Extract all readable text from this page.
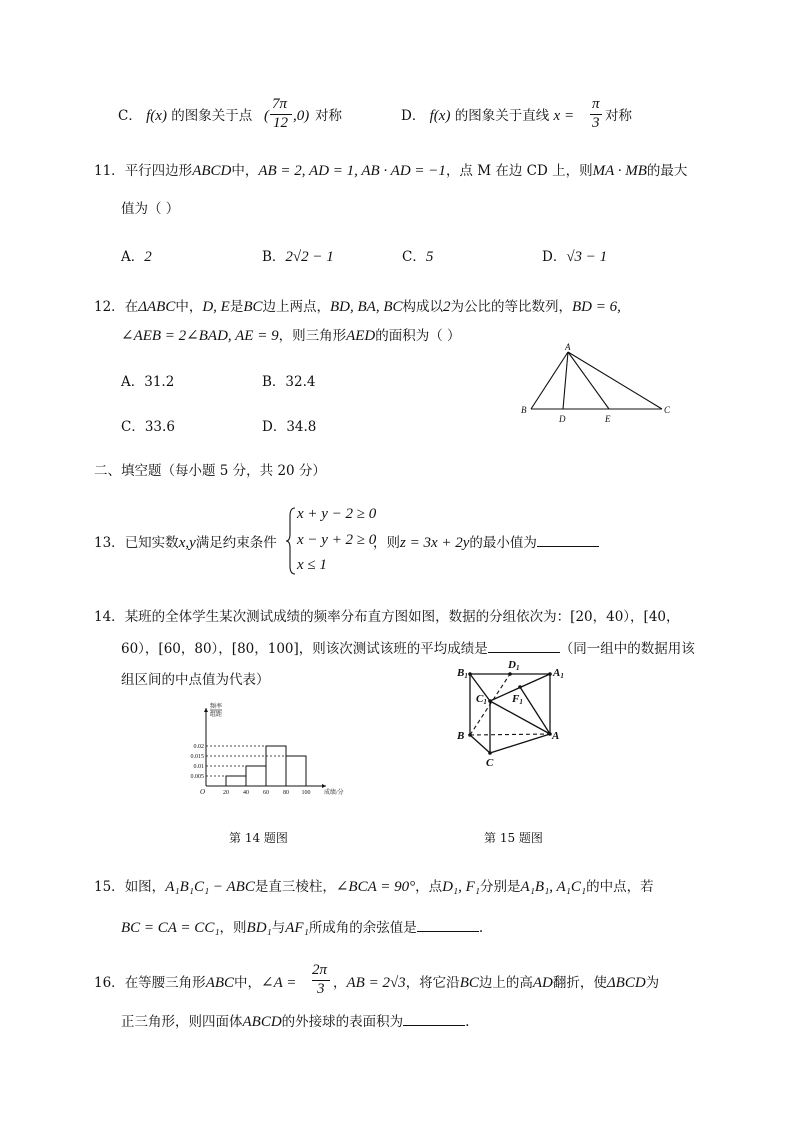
C． f(x) 的图象关于点 (
7π
12 ,0) 对称	D． f(x) 的图象关于直线 x =
π
3 对称
11．平行四边形ABCD中，AB = 2, AD = 1, AB · AD = −1，点 M 在边 CD 上，则MA · MB的最大
值为（ ）
A．2	B．2√2 − 1	C．5	D．√3 − 1
12．在ΔABC中，D, E是BC边上两点，BD, BA, BC构成以2为公比的等比数列，BD = 6,
∠AEB = 2∠BAD, AE = 9，则三角形AED的面积为（ ）
A．31.2	B．32.4
C．33.6	D．34.8
A
B
D	E
C
二、填空题（每小题 5 分，共 20 分）
13．已知实数x,y满足约束条件
x + y − 2 ≥ 0
x − y + 2 ≥ 0
x ≤ 1
，则z = 3x + 2y的最小值为
14．某班的全体学生某次测试成绩的频率分布直方图如图，数据的分组依次为：[20，40），[40，
60），[60，80），[80，100]，则该次测试该班的平均成绩是	（同一组中的数据用该
组区间的中点值为代表）
0.02
0.015
0.01
0.005
20 40 60 80 100
O	成绩/分
频率
组距
第 14 题图
B1
D1	A1
C1 F1
B	A
C
第 15 题图
15．如图，A₁B₁C₁ − ABC是直三棱柱，∠BCA = 90°，点D₁, F₁分别是A₁B₁, A₁C₁的中点，若
BC = CA = CC₁，则BD₁与AF₁所成角的余弦值是	.
16．在等腰三角形ABC中，∠A =
2π
3 ，AB = 2√3，将它沿BC边上的高AD翻折，使ΔBCD为
正三角形，则四面体ABCD的外接球的表面积为	.
